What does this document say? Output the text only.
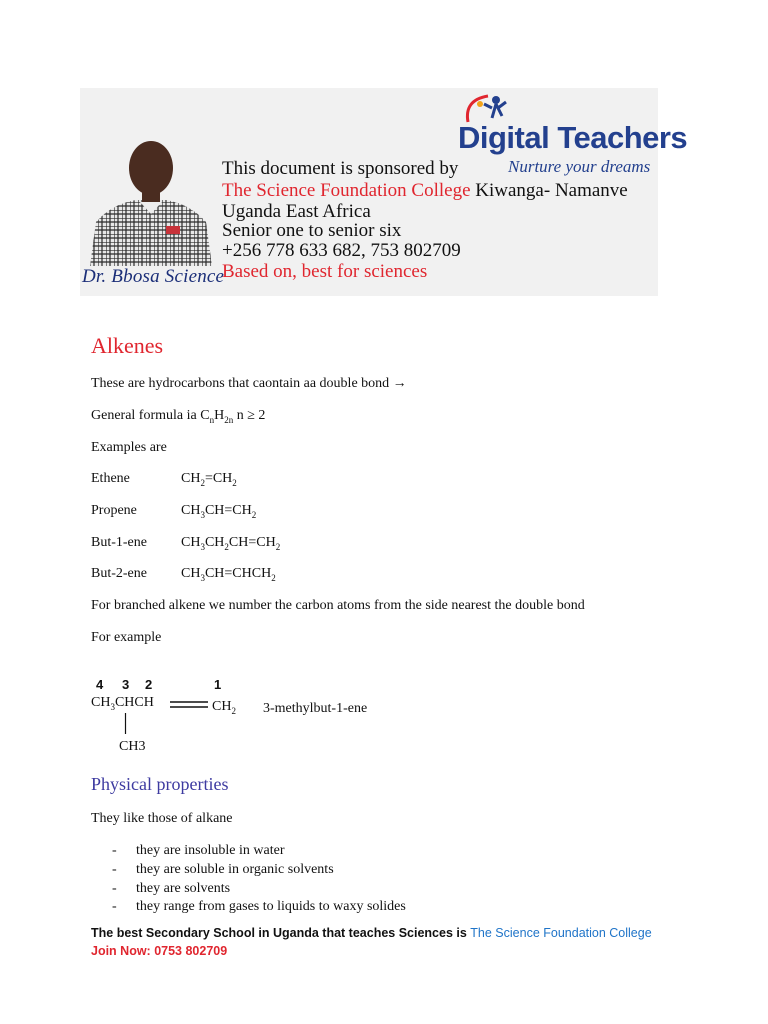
Dr. Bbosa Science
Digital Teachers
Nurture your dreams
This document is sponsored by
The Science Foundation College Kiwanga- Namanve
Uganda East Africa
Senior one to senior six
+256 778 633 682, 753 802709
Based on, best for sciences
Alkenes
These are hydrocarbons that caontain aa double bond →
General formula ia $C_nH_{2n}$ n ≥ 2
Examples are
Ethene	$CH_2=CH_2$
Propene	$CH_3CH=CH_2$
But-1-ene $CH_3CH_2CH=CH_2$
But-2-ene $CH_3CH=CHCH_2$
For branched alkene we number the carbon atoms from the side nearest the double bond
For example
4 3 2	1
$CH_3CHCH$	$CH_2$ 3-methylbut-1-ene
CH3
Physical properties
They like those of alkane
- they are insoluble in water
- they are soluble in organic solvents
- they are solvents
- they range from gases to liquids to waxy solides
The best Secondary School in Uganda that teaches Sciences is The Science Foundation College
Join Now: 0753 802709
